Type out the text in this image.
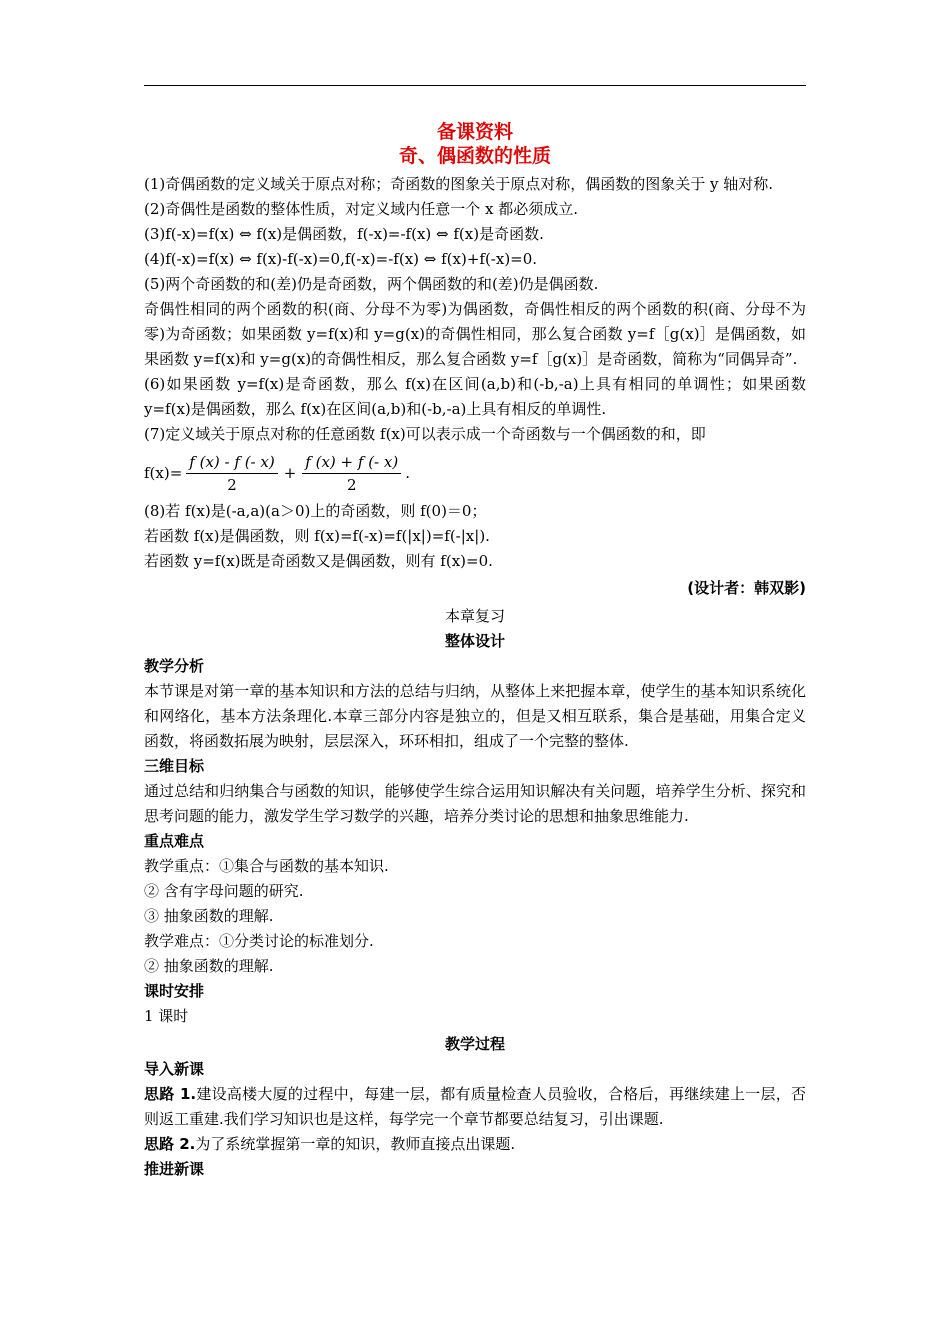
备课资料
奇、偶函数的性质

(1)奇偶函数的定义域关于原点对称；奇函数的图象关于原点对称，偶函数的图象关于 y 轴对称.

(2)奇偶性是函数的整体性质，对定义域内任意一个 x 都必须成立.

(3)f(-x)=f(x) ⇔ f(x)是偶函数，f(-x)=-f(x) ⇔ f(x)是奇函数.

(4)f(-x)=f(x) ⇔ f(x)-f(-x)=0,f(-x)=-f(x) ⇔ f(x)+f(-x)=0.

(5)两个奇函数的和(差)仍是奇函数，两个偶函数的和(差)仍是偶函数.

奇偶性相同的两个函数的积(商、分母不为零)为偶函数，奇偶性相反的两个函数的积(商、分母不为零)为奇函数；如果函数 y=f(x)和 y=g(x)的奇偶性相同，那么复合函数 y=f［g(x)］是偶函数，如果函数 y=f(x)和 y=g(x)的奇偶性相反，那么复合函数 y=f［g(x)］是奇函数，简称为“同偶异奇”.

(6)如果函数 y=f(x)是奇函数，那么 f(x)在区间(a,b)和(-b,-a)上具有相同的单调性；如果函数 y=f(x)是偶函数，那么 f(x)在区间(a,b)和(-b,-a)上具有相反的单调性.

(7)定义域关于原点对称的任意函数 f(x)可以表示成一个奇函数与一个偶函数的和，即

$f(x)= \frac{f (x) - f (- x)}{2} + \frac{f (x) + f (- x)}{2}$ .

(8)若 f(x)是(-a,a)(a＞0)上的奇函数，则 f(0)＝0；

若函数 f(x)是偶函数，则 f(x)=f(-x)=f(|x|)=f(-|x|).

若函数 y=f(x)既是奇函数又是偶函数，则有 f(x)=0.

(设计者：韩双影)

本章复习

整体设计

教学分析

本节课是对第一章的基本知识和方法的总结与归纳，从整体上来把握本章，使学生的基本知识系统化和网络化，基本方法条理化.本章三部分内容是独立的，但是又相互联系，集合是基础，用集合定义函数，将函数拓展为映射，层层深入，环环相扣，组成了一个完整的整体.

三维目标

通过总结和归纳集合与函数的知识，能够使学生综合运用知识解决有关问题，培养学生分析、探究和思考问题的能力，激发学生学习数学的兴趣，培养分类讨论的思想和抽象思维能力.

重点难点

教学重点：①集合与函数的基本知识.

② 含有字母问题的研究.

③ 抽象函数的理解.

教学难点：①分类讨论的标准划分.

② 抽象函数的理解.

课时安排

1 课时

教学过程

导入新课

思路 1.建设高楼大厦的过程中，每建一层，都有质量检查人员验收，合格后，再继续建上一层，否则返工重建.我们学习知识也是这样，每学完一个章节都要总结复习，引出课题.

思路 2.为了系统掌握第一章的知识，教师直接点出课题.

推进新课
